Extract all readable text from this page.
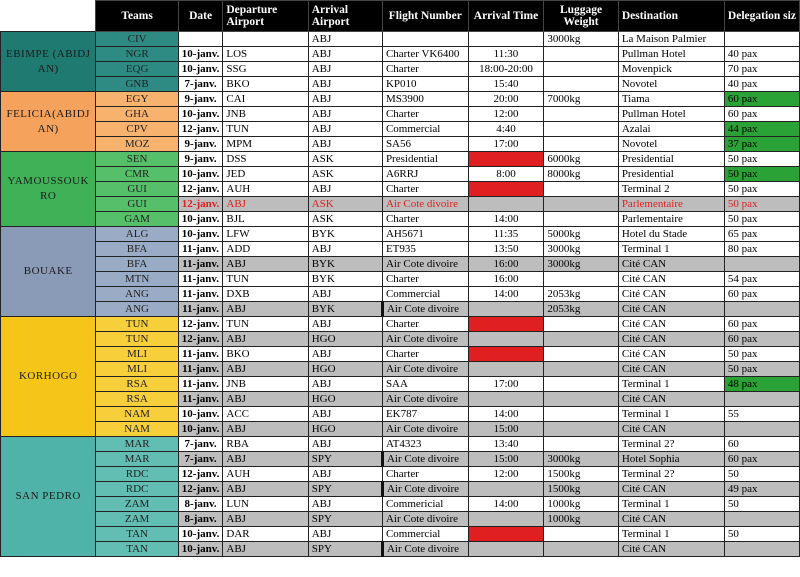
	Teams	Date	Departure Airport	Arrival Airport	Flight Number	Arrival Time	Luggage Weight	Destination	Delegation siz
EBIMPE (ABIDJAN)	CIV			ABJ			3000kg	La Maison Palmier	
	NGR	10-janv.	LOS	ABJ	Charter VK6400	11:30		Pullman Hotel	40 pax
	EQG	10-janv.	SSG	ABJ	Charter	18:00-20:00		Movenpick	70 pax
	GNB	7-janv.	BKO	ABJ	KP010	15:40		Novotel	40 pax
FELICIA(ABIDJAN)	EGY	9-janv.	CAI	ABJ	MS3900	20:00	7000kg	Tiama	60 pax
	GHA	10-janv.	JNB	ABJ	Charter	12:00		Pullman Hotel	60 pax
	CPV	12-janv.	TUN	ABJ	Commercial	4:40		Azalai	44 pax
	MOZ	9-janv.	MPM	ABJ	SA56	17:00		Novotel	37 pax
YAMOUSSOUKRO	SEN	9-janv.	DSS	ASK	Presidential		6000kg	Presidential	50 pax
	CMR	10-janv.	JED	ASK	A6RRJ	8:00	8000kg	Presidential	50 pax
	GUI	12-janv.	AUH	ABJ	Charter			Terminal 2	50 pax
	GUI	12-janv.	ABJ	ASK	Air Cote divoire			Parlementaire	50 pax
	GAM	10-janv.	BJL	ASK	Charter	14:00		Parlementaire	50 pax
BOUAKE	ALG	10-janv.	LFW	BYK	AH5671	11:35	5000kg	Hotel du Stade	65 pax
	BFA	11-janv.	ADD	ABJ	ET935	13:50	3000kg	Terminal 1	80 pax
	BFA	11-janv.	ABJ	BYK	Air Cote divoire	16:00	3000kg	Cité CAN	
	MTN	11-janv.	TUN	BYK	Charter	16:00		Cité CAN	54 pax
	ANG	11-janv.	DXB	ABJ	Commercial	14:00	2053kg	Cité CAN	60 pax
	ANG	11-janv.	ABJ	BYK	Air Cote divoire		2053kg	Cité CAN	
KORHOGO	TUN	12-janv.	TUN	ABJ	Charter			Cité CAN	60 pax
	TUN	12-janv.	ABJ	HGO	Air Cote divoire			Cité CAN	60 pax
	MLI	11-janv.	BKO	ABJ	Charter			Cité CAN	50 pax
	MLI	11-janv.	ABJ	HGO	Air Cote divoire			Cité CAN	50 pax
	RSA	11-janv.	JNB	ABJ	SAA	17:00		Terminal 1	48 pax
	RSA	11-janv.	ABJ	HGO	Air Cote divoire			Cité CAN	
	NAM	10-janv.	ACC	ABJ	EK787	14:00		Terminal 1	55
	NAM	10-janv.	ABJ	HGO	Air Cote divoire	15:00		Cité CAN	
SAN PEDRO	MAR	7-janv.	RBA	ABJ	AT4323	13:40		Terminal 2?	60
	MAR	7-janv.	ABJ	SPY	Air Cote divoire	15:00	3000kg	Hotel Sophia	60 pax
	RDC	12-janv.	AUH	ABJ	Charter	12:00	1500kg	Terminal 2?	50
	RDC	12-janv.	ABJ	SPY	Air Cote divoire		1500kg	Cité CAN	49 pax
	ZAM	8-janv.	LUN	ABJ	Commericial	14:00	1000kg	Terminal 1	50
	ZAM	8-janv.	ABJ	SPY	Air Cote divoire		1000kg	Cité CAN	
	TAN	10-janv.	DAR	ABJ	Commercial			Terminal 1	50
	TAN	10-janv.	ABJ	SPY	Air Cote divoire			Cité CAN	
